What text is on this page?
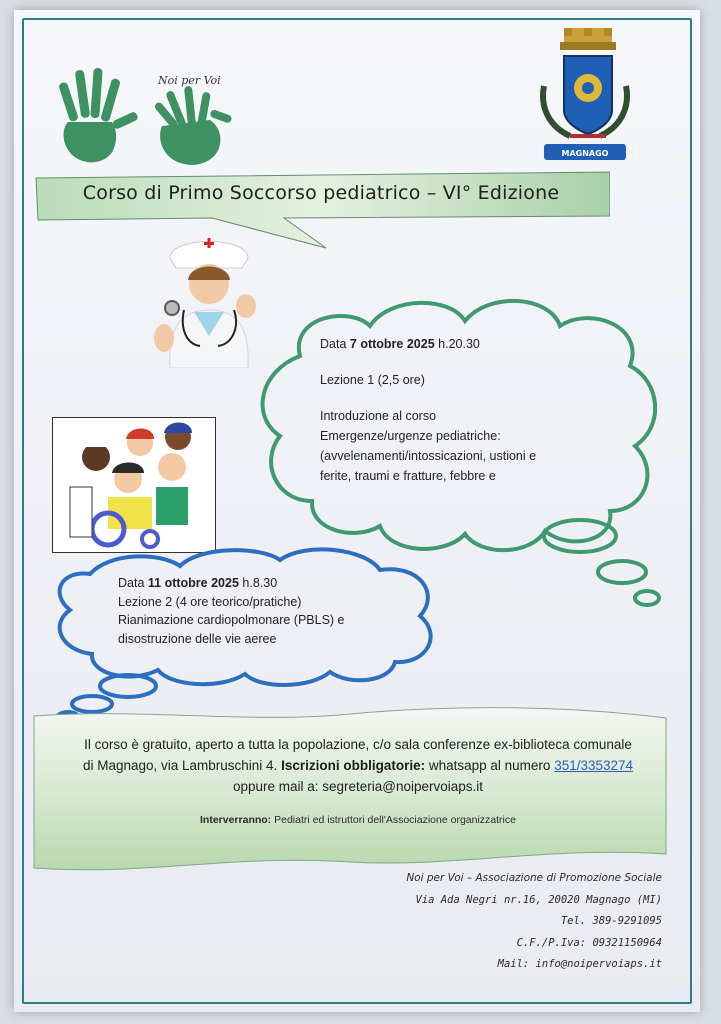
Noi per Voi
MAGNAGO
Corso di Primo Soccorso pediatrico – VI° Edizione

Data 7 ottobre 2025 h.20.30

Lezione 1 (2,5 ore)

Introduzione al corso

Emergenze/urgenze pediatriche:

(avvelenamenti/intossicazioni, ustioni e

ferite, traumi e fratture, febbre e

Data 11 ottobre 2025 h.8.30

Lezione 2 (4 ore teorico/pratiche)

Rianimazione cardiopolmonare (PBLS) e

disostruzione delle vie aeree

Il corso è gratuito, aperto a tutta la popolazione, c/o sala conferenze ex-biblioteca comunale

di Magnago, via Lambruschini 4. Iscrizioni obbligatorie: whatsapp al numero 351/3353274

oppure mail a: segreteria@noipervoiaps.it

Interverranno: Pediatri ed istruttori dell'Associazione organizzatrice
Noi per Voi – Associazione di Promozione Sociale
Via Ada Negri nr.16, 20020 Magnago (MI)
Tel. 389-9291095
C.F./P.Iva: 09321150964
Mail: info@noipervoiaps.it
